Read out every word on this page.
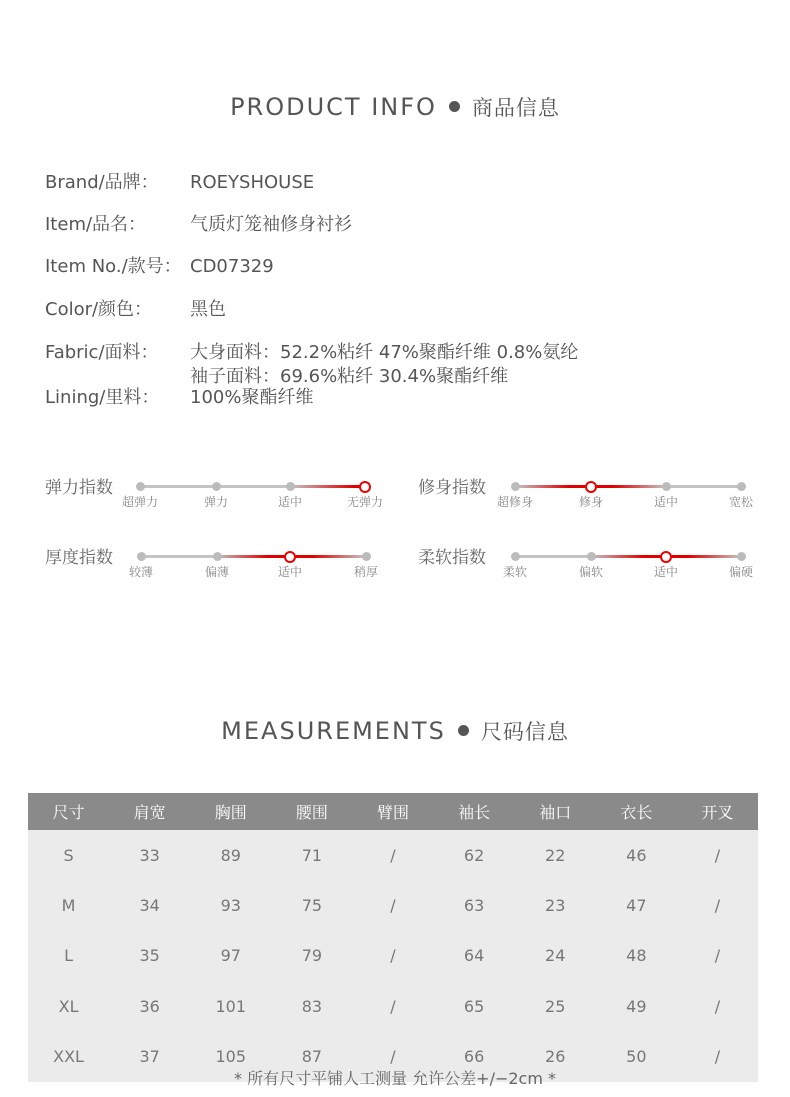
PRODUCT INFO 商品信息
Brand/品牌： ROEYSHOUSE
Item/品名： 气质灯笼袖修身衬衫
Item No./款号： CD07329
Color/颜色： 黑色
Fabric/面料： 大身面料：52.2%粘纤 47%聚酯纤维 0.8%氨纶
袖子面料：69.6%粘纤 30.4%聚酯纤维
Lining/里料： 100%聚酯纤维
弹力指数
超弹力	弹力	适中	无弹力
修身指数
超修身	修身	适中	宽松
厚度指数
较薄	偏薄	适中	稍厚
柔软指数
柔软	偏软	适中	偏硬
MEASUREMENTS 尺码信息
尺寸	肩宽	胸围	腰围	臂围	袖长	袖口	衣长	开叉
S	33	89	71	/	62	22	46	/
M	34	93	75	/	63	23	47	/
L	35	97	79	/	64	24	48	/
XL	36	101	83	/	65	25	49	/
XXL	37	105	87	/	66	26	50	/
* 所有尺寸平铺人工测量 允许公差+/−2cm *
